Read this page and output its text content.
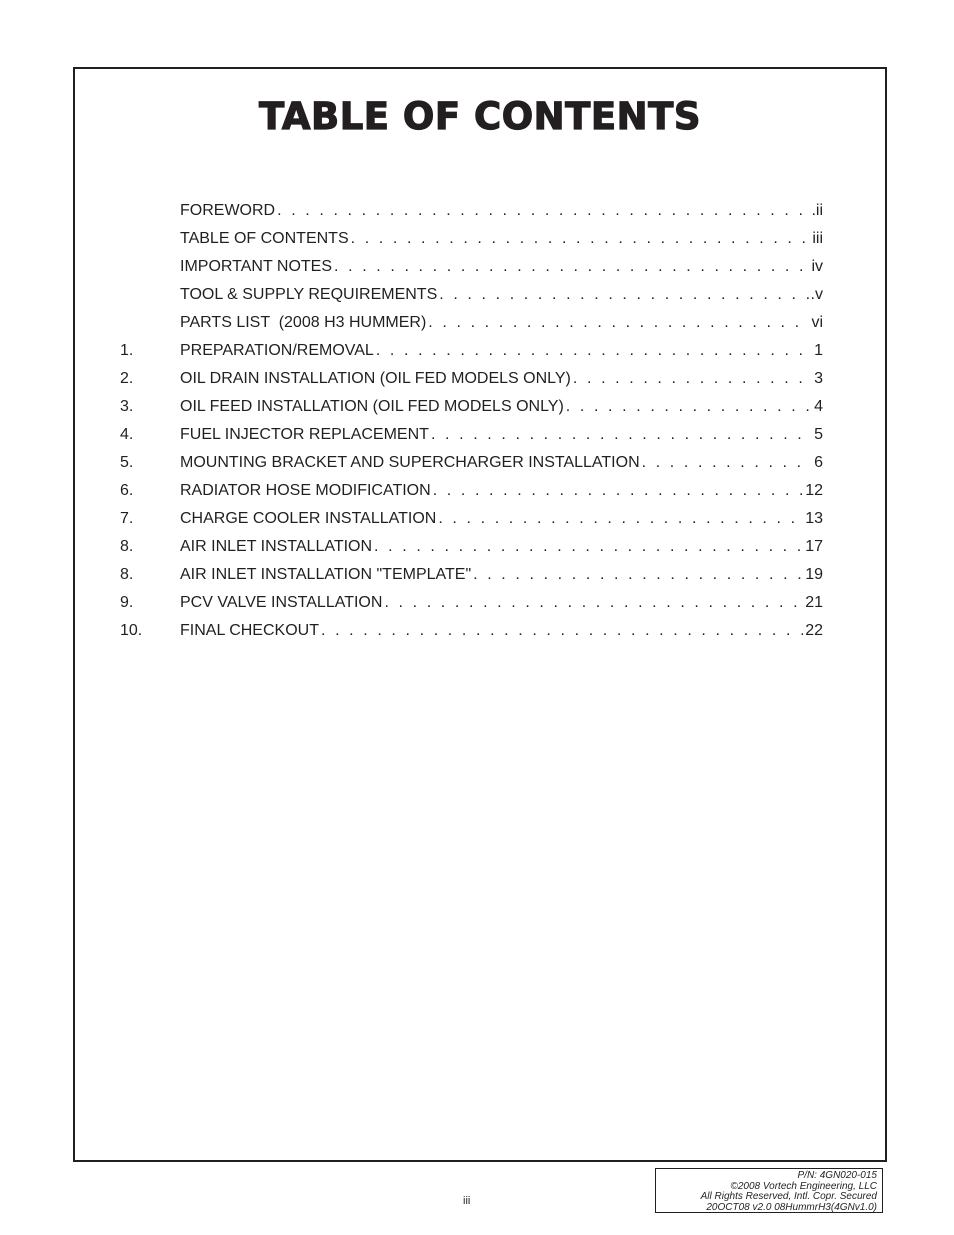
TABLE OF CONTENTS
FOREWORD . . .	.ii
TABLE OF CONTENTS . . .	iii
IMPORTANT NOTES . . .	iv
TOOL & SUPPLY REQUIREMENTS . . .	.v
PARTS LIST  (2008 H3 HUMMER) . . .	vi
1.	PREPARATION/REMOVAL . . .	1
2.	OIL DRAIN INSTALLATION (OIL FED MODELS ONLY) . . .	3
3.	OIL FEED INSTALLATION (OIL FED MODELS ONLY) . . .	4
4.	FUEL INJECTOR REPLACEMENT . . .	5
5.	MOUNTING BRACKET AND SUPERCHARGER INSTALLATION . . .	6
6.	RADIATOR HOSE MODIFICATION . . .	12
7.	CHARGE COOLER INSTALLATION . . .	13
8.	AIR INLET INSTALLATION . . .	17
8.	AIR INLET INSTALLATION "TEMPLATE" . . .	19
9.	PCV VALVE INSTALLATION . . .	21
10.	FINAL CHECKOUT . . .	22
iii
P/N: 4GN020-015
©2008 Vortech Engineering, LLC
All Rights Reserved, Intl. Copr. Secured
20OCT08 v2.0 08HummrH3(4GNv1.0)
